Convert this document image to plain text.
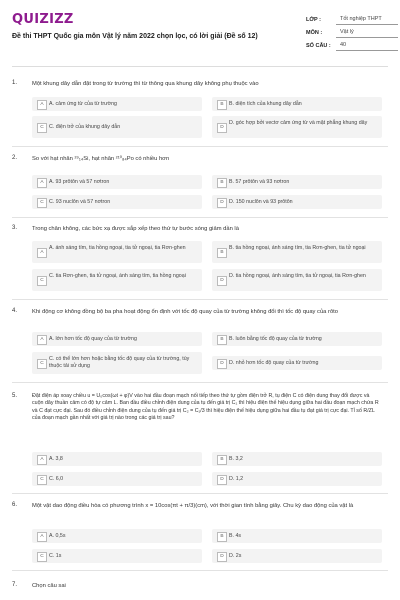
QUIZIZZ
Đề thi THPT Quốc gia môn Vật lý năm 2022 chọn lọc, có lời giải (Đề số 12)
LỚP :	Tốt nghiệp THPT
MÔN :	Vật lý
SỐ CÂU :	40
1.	Một khung dây dẫn đặt trong từ trường thì từ thông qua khung dây không phụ thuộc vào
A	A. cảm ứng từ của từ trường	B	B. diện tích của khung dây dẫn
C C. điện trở của khung dây dẫn	D
D. góc hợp bởi vectơ cảm ứng từ và mặt phẳng khung dây
2.	So với hạt nhân ²⁹₁₄Si, hạt nhân ²¹⁰₈₄Po có nhiều hơn
A	A. 93 prôtôn và 57 nơtron	B	B. 57 prôtôn và 93 nơtron
C C. 93 nuclôn và 57 nơtron	D D. 150 nuclôn và 93 prôtôn
3.	Trong chân không, các bức xạ được sắp xếp theo thứ tự bước sóng giảm dần là
A
A. ánh sáng tím, tia hồng ngoại, tia tử ngoại, tia Rơn-ghen
B
B. tia hồng ngoại, ánh sáng tím, tia Rơn-ghen, tia tử ngoại
C
C. tia Rơn-ghen, tia tử ngoại, ánh sáng tím, tia hồng ngoại
D
D. tia hồng ngoại, ánh sáng tím, tia tử ngoại, tia Rơn-ghen
4.	Khi động cơ không đồng bộ ba pha hoạt động ổn định với tốc độ quay của từ trường không đổi thì tốc độ quay của rôto
A	A. lớn hơn tốc độ quay của từ trường	B	B. luôn bằng tốc độ quay của từ trường
C
C. có thể lớn hơn hoặc bằng tốc độ quay của từ trường, tùy thuộc tải sử dụng	D D. nhỏ hơn tốc độ quay của từ trường
5.	Đặt điện áp xoay chiều u = U₀cos(ωt + φ)V vào hai đầu đoạn mạch nối tiếp theo thứ tự gồm điện trở R, tụ điện C có điện dung thay đổi được và cuộn dây thuần cảm có độ tự cảm L. Ban đầu điều chỉnh điện dung của tụ đến giá trị C₁ thì hiệu điện thế hiệu dụng giữa hai đầu đoạn mạch chứa R và C đạt cực đại. Sau đó điều chỉnh điện dung của tụ đến giá trị C₂ = C₁/3 thì hiệu điện thế hiệu dụng giữa hai đầu tụ đạt giá trị cực đại. Tỉ số R/ZL của đoạn mạch gần nhất với giá trị nào trong các giá trị sau?
A	A. 3,8	B	B. 3,2
C C. 6,0	D D. 1,2
6.	Một vật dao động điều hòa có phương trình x = 10cos(πt + π/3)(cm), với thời gian tính bằng giây. Chu kỳ dao động của vật là
A	A. 0,5s	B	B. 4s
C C. 1s	D D. 2s
7.	Chọn câu sai
